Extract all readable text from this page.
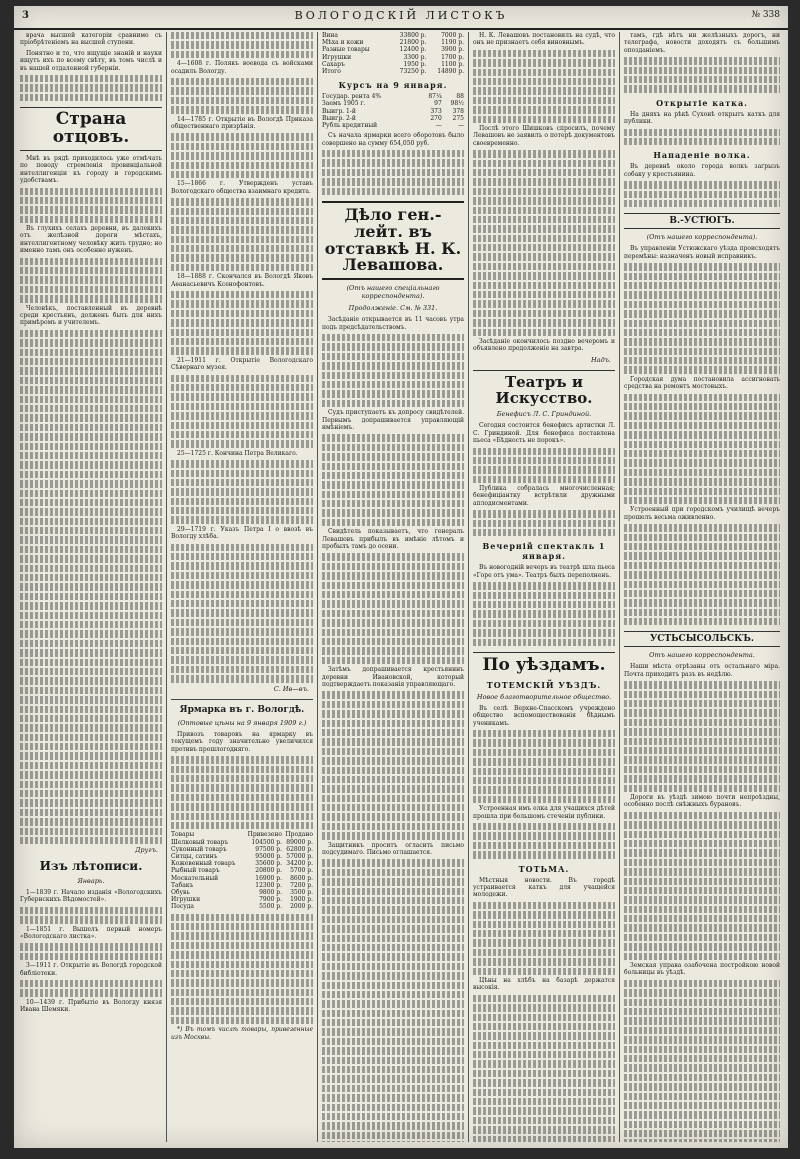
3	ВОЛОГОДСКІЙ ЛИСТОКЪ	№ 338

врача высшей категоріи сравнимо съ пріобрѣтеніемъ на высшей ступени.

Понятно и то, что ищущіе знаній и науки ищутъ ихъ по всему свѣту, въ томъ числѣ и въ нашей отдаленной губерніи.

Страна отцовъ.

Мнѣ въ рядѣ приходилось уже отмѣчать по поводу стремленія провинціальной интеллигенціи къ городу и городскимъ удобствамъ.

Въ глухихъ селахъ деревни, въ далекихъ отъ желѣзной дороги мѣстахъ, интеллигентному человѣку жить трудно; но именно тамъ онъ особенно нуженъ.

Человѣкъ, поставленный въ деревнѣ среди крестьянъ, долженъ быть для нихъ примѣромъ и учителемъ.

Другъ.
Изъ лѣтописи.
Январь.

1—1839 г. Начало изданія «Вологодскихъ Губернскихъ Вѣдомостей».

1—1851 г. Вышелъ первый номеръ «Вологодскаго листка».

3—1911 г. Открытіе въ Вологдѣ городской библіотеки.

10—1439 г. Прибытіе въ Вологду князя Ивана Шемяки.

4—1608 г. Полякъ воевода съ войсками осадилъ Вологду.

14—1785 г. Открытіе въ Вологдѣ Приказа общественнаго призрѣнія.

15—1866 г. Утвержденъ уставъ Вологодскаго общества взаимнаго кредита.

18—1888 г. Скончался въ Вологдѣ Яковъ Аѳанасьевичъ Ксенофонтовъ.

21—1911 г. Открытіе Вологодскаго Сѣвернаго музея.

25—1725 г. Кончина Петра Великаго.

29—1719 г. Указъ Петра I о ввозѣ въ Вологду хлѣба.

С. Ив—въ.
Ярмарка въ г. Вологдѣ.
(Оптовые цѣны на 9 января 1909 г.)

Привозъ товаровъ на ярмарку въ текущемъ году значительно увеличился противъ прошлогодняго.

Товары	Привезено	Продано
Шелковый товаръ	104500 р.	89000 р.
Суконный товаръ	97500 р.	62800 р.
Ситцы, сатинъ	95000 р.	57000 р.
Кожевенный товаръ	35600 р.	34200 р.
Рыбный товаръ	20800 р.	5700 р.
Москательный	16900 р.	8600 р.
Табакъ	12300 р.	7200 р.
Обувь	9800 р.	3500 р.
Игрушки	7900 р.	1900 р.
Посуда	5500 р.	2000 р.

*) Въ томъ числѣ товары, привезенные изъ Москвы.

Вина	33800 р.	7000 р.
Мѣха и кожи	21800 р.	1190 р.
Разные товары	12400 р.	3900 р.
Игрушки	3300 р.	1700 р.
Сахаръ	1950 р.	1100 р.
Итого	73250 р.	14890 р.
Курсъ на 9 января.
Государ. рента 4%	87¼	88
Заемъ 1905 г.	97	98½
Выигр. 1-й	373	378
Выигр. 2-й	270	275
Рубль кредитный	—	—

Съ начала ярмарки всего оборотовъ было совершено на сумму 654,050 руб.

Дѣло ген.-лейт. въ отставкѣ Н. К. Левашова.
(Отъ нашего спеціальнаго корреспондента).
Продолженіе. См. № 331.

Засѣданіе открывается въ 11 часовъ утра подъ предсѣдательствомъ.

Судъ приступаетъ къ допросу свидѣтелей. Первымъ допрашивается управляющій имѣніемъ.

Свидѣтель показываетъ, что генералъ Левашовъ прибылъ въ имѣніе лѣтомъ и пробылъ тамъ до осени.

Затѣмъ допрашивается крестьянинъ деревни Ивановской, который подтверждаетъ показанія управляющаго.

Защитникъ проситъ огласить письмо подсудимаго. Письмо оглашается.

Н. К. Левашовъ постановилъ на судѣ, что онъ не признаетъ себя виновнымъ.

Послѣ этого Шишковъ спросилъ, почему Левашовъ не заявилъ о потерѣ документовъ своевременно.

Засѣданіе окончилось поздно вечеромъ и объявлено продолженіе на завтра.

Надъ.
Театръ и Искусство.
Бенефисъ Л. С. Гриндиной.

Сегодня состоится бенефисъ артистки Л. С. Гриндиной. Для бенефиса поставлена пьеса «Бѣдность не порокъ».

Публика собралась многочисленная; бенефиціантку встрѣтили дружными аплодисментами.

Вечерній спектакль 1 января.

Въ новогодній вечеръ въ театрѣ шла пьеса «Горе отъ ума». Театръ былъ переполненъ.

По уѣздамъ.
ТОТЕМСКІЙ УѢЗДЪ.
Новое благотворительное общество.

Въ селѣ Верхне-Спасскомъ учреждено общество вспомоществованія бѣднымъ ученикамъ.

Устроенная имъ елка для учащихся дѣтей прошла при большомъ стеченіи публики.

ТОТЬМА.

Мѣстныя новости. Въ городѣ устраивается каткъ для учащейся молодежи.

Цѣны на хлѣбъ на базарѣ держатся высокія.

тамъ, гдѣ нѣтъ ни желѣзныхъ дорогъ, ни телеграфа, новости доходятъ съ большимъ опозданіемъ.

Открытіе катка.

На дняхъ на рѣкѣ Сухонѣ открытъ каткъ для публики.

Нападеніе волка.

Въ деревнѣ около города волкъ загрызъ собаку у крестьянина.

В.-УСТЮГЪ.
(Отъ нашего корреспондента).

Въ управленіи Устюжскаго уѣзда происходятъ перемѣны: назначенъ новый исправникъ.

Городская дума постановила ассигновать средства на ремонтъ мостовыхъ.

Устроенный при городскомъ училищѣ вечеръ прошелъ весьма оживленно.

УСТЬСЫСОЛЬСКЪ.
Отъ нашего корреспондента.

Наши мѣста отрѣзаны отъ остальнаго міра. Почта приходитъ разъ въ недѣлю.

Дороги въ уѣздѣ зимою почти непроѣздны, особенно послѣ снѣжныхъ бурановъ.

Земская управа озабочена постройкою новой больницы въ уѣздѣ.
